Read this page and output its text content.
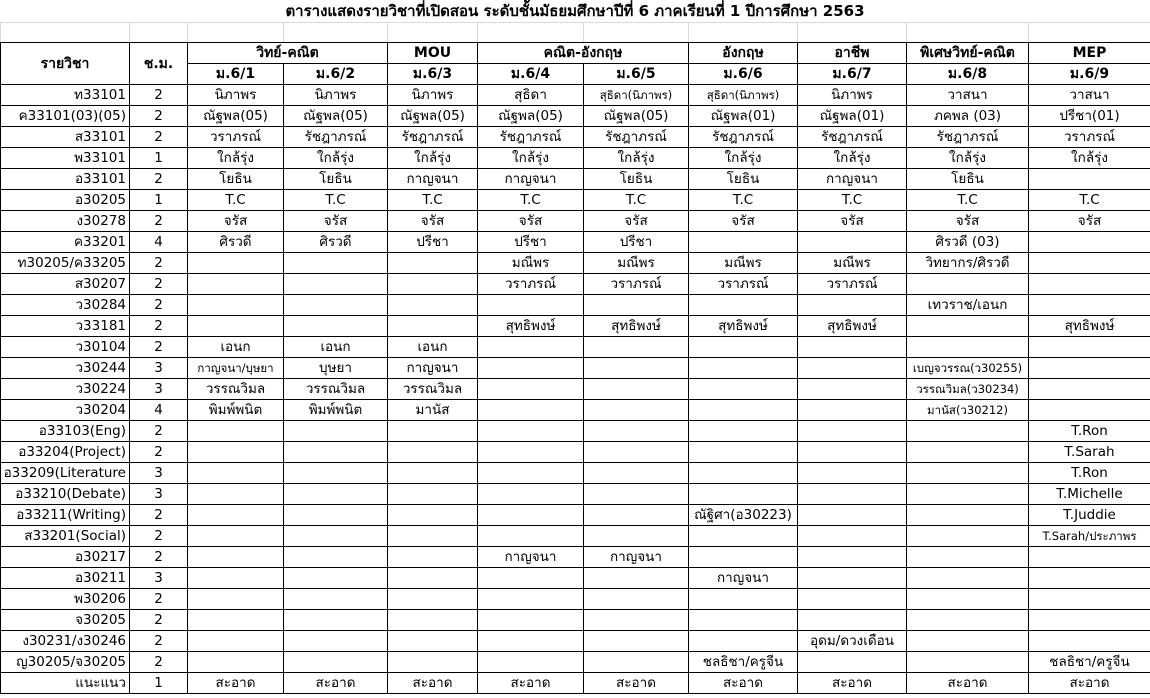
ตารางแสดงรายวิชาที่เปิดสอน ระดับชั้นมัธยมศึกษาปีที่ 6 ภาคเรียนที่ 1 ปีการศึกษา 2563
รายวิชา	ช.ม.	วิทย์-คณิต		MOU	คณิต-อังกฤษ		อังกฤษ	อาชีพ	พิเศษวิทย์-คณิต	MEP
		ม.6/1	ม.6/2	ม.6/3	ม.6/4	ม.6/5	ม.6/6	ม.6/7	ม.6/8	ม.6/9
ท33101	2	นิภาพร	นิภาพร	นิภาพร	สุธิดา	สุธิดา(นิภาพร)	สุธิดา(นิภาพร)	นิภาพร	วาสนา	วาสนา
ค33101(03)(05)	2	ณัฐพล(05)	ณัฐพล(05)	ณัฐพล(05)	ณัฐพล(05)	ณัฐพล(05)	ณัฐพล(01)	ณัฐพล(01)	ภคพล (03)	ปรีชา(01)
ส33101	2	วราภรณ์	รัชฎาภรณ์	รัชฎาภรณ์	รัชฎาภรณ์	รัชฎาภรณ์	รัชฎาภรณ์	รัชฎาภรณ์	รัชฎาภรณ์	วราภรณ์
พ33101	1	ใกล้รุ่ง	ใกล้รุ่ง	ใกล้รุ่ง	ใกล้รุ่ง	ใกล้รุ่ง	ใกล้รุ่ง	ใกล้รุ่ง	ใกล้รุ่ง	ใกล้รุ่ง
อ33101	2	โยธิน	โยธิน	กาญจนา	กาญจนา	โยธิน	โยธิน	กาญจนา	โยธิน	
อ30205	1	T.C	T.C	T.C	T.C	T.C	T.C	T.C	T.C	T.C
ง30278	2	จรัส	จรัส	จรัส	จรัส	จรัส	จรัส	จรัส	จรัส	จรัส
ค33201	4	ศิรวดี	ศิรวดี	ปรีชา	ปรีชา	ปรีชา			ศิรวดี (03)	
ท30205/ค33205	2				มณีพร	มณีพร	มณีพร	มณีพร	วิทยากร/ศิรวดี	
ส30207	2				วราภรณ์	วราภรณ์	วราภรณ์	วราภรณ์		
ว30284	2								เทวราช/เอนก	
ว33181	2				สุทธิพงษ์	สุทธิพงษ์	สุทธิพงษ์	สุทธิพงษ์		สุทธิพงษ์
ว30104	2	เอนก	เอนก	เอนก						
ว30244	3	กาญจนา/บุษยา	บุษยา	กาญจนา					เบญจวรรณ(ว30255)	
ว30224	3	วรรณวิมล	วรรณวิมล	วรรณวิมล					วรรณวิมล(ว30234)	
ว30204	4	พิมพ์พนิต	พิมพ์พนิต	มานัส					มานัส(ว30212)	
อ33103(Eng)	2									T.Ron
อ33204(Project)	2									T.Sarah
อ33209(Literature	3									T.Ron
อ33210(Debate)	3									T.Michelle
อ33211(Writing)	2						ณัฐิศา(อ30223)			T.Juddie
ส33201(Social)	2									T.Sarah/ประภาพร
อ30217	2				กาญจนา	กาญจนา				
อ30211	3						กาญจนา			
พ30206	2									
จ30205	2									
ง30231/ง30246	2							อุดม/ดวงเดือน		
ญ30205/จ30205	2						ชลธิชา/ครูจีน			ชลธิชา/ครูจีน
แนะแนว	1	สะอาด	สะอาด	สะอาด	สะอาด	สะอาด	สะอาด	สะอาด	สะอาด	สะอาด
